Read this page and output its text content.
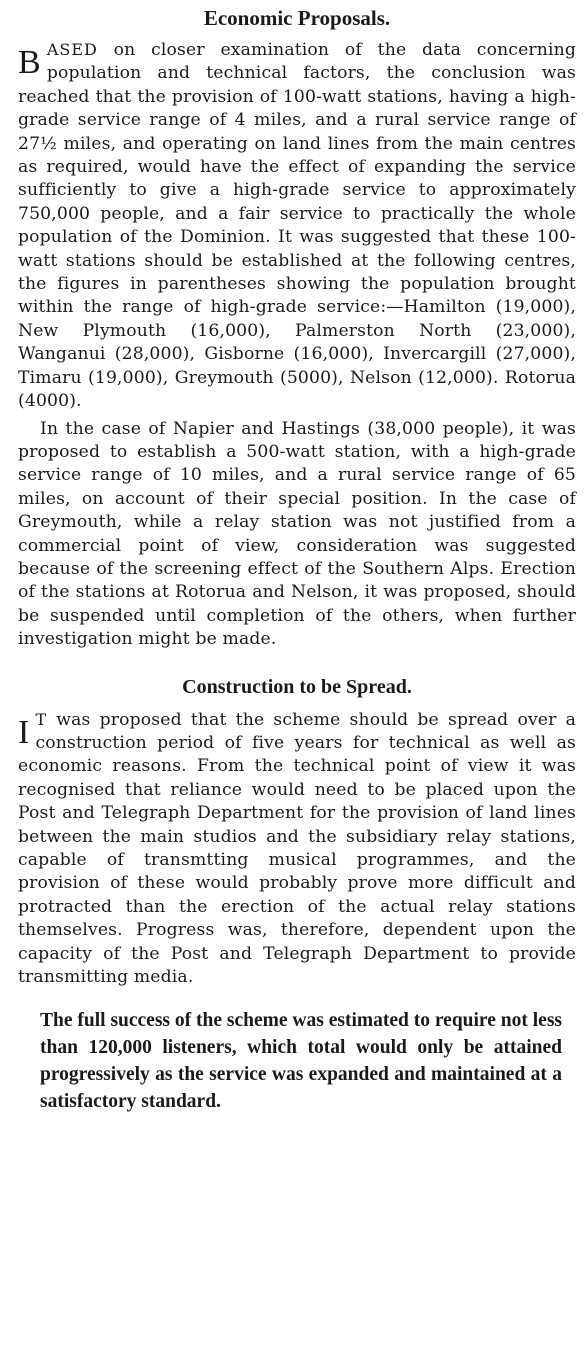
Economic Proposals.

BASED on closer examination of the data concerning population and technical factors, the conclusion was reached that the provision of 100-watt stations, having a high-grade service range of 4 miles, and a rural service range of 27½ miles, and operating on land lines from the main centres as required, would have the effect of expanding the service sufficiently to give a high-grade service to approximately 750,000 people, and a fair service to practically the whole population of the Dominion. It was suggested that these 100-watt stations should be established at the following centres, the figures in parentheses showing the population brought within the range of high-grade service:—Hamilton (19,000), New Plymouth (16,000), Palmerston North (23,000), Wanganui (28,000), Gisborne (16,000), Invercargill (27,000), Timaru (19,000), Greymouth (5000), Nelson (12,000). Rotorua (4000).

In the case of Napier and Hastings (38,000 people), it was proposed to establish a 500-watt station, with a high-grade service range of 10 miles, and a rural service range of 65 miles, on account of their special position. In the case of Greymouth, while a relay station was not justified from a commercial point of view, consideration was suggested because of the screening effect of the Southern Alps. Erection of the stations at Rotorua and Nelson, it was proposed, should be suspended until completion of the others, when further investigation might be made.

Construction to be Spread.

I T was proposed that the scheme should be spread over a construction period of five years for technical as well as economic reasons. From the technical point of view it was recognised that reliance would need to be placed upon the Post and Telegraph Department for the provision of land lines between the main studios and the subsidiary relay stations, capable of transmtting musical programmes, and the provision of these would probably prove more difficult and protracted than the erection of the actual relay stations themselves. Progress was, therefore, dependent upon the capacity of the Post and Telegraph Department to provide transmitting media.

The full success of the scheme was estimated to require not less than 120,000 listeners, which total would only be attained progressively as the service was expanded and maintained at a satisfactory standard.
